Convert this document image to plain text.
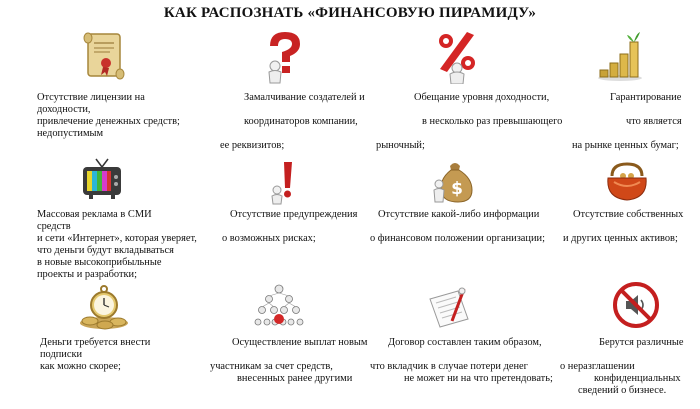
КАК РАСПОЗНАТЬ «ФИНАНСОВУЮ ПИРАМИДУ»
$
Отсутствие лицензии на
доходности,
привлечение денежных средств;
недопустимым
Замалчивание создателей и
координаторов компании,
ее реквизитов;
Обещание уровня доходности,
в несколько раз превышающего
рыночный;
Гарантирование
что является
на рынке ценных бумаг;
Массовая реклама в СМИ
средств
и сети «Интернет», которая уверяет,
что деньги будут вкладываться
в новые высокоприбыльные
проекты и разработки;
Отсутствие предупреждения
о возможных рисках;
Отсутствие какой-либо информации
о финансовом положении организации;
Отсутствие собственных
и других ценных активов;
Деньги требуется внести
подписки
как можно скорее;
Осуществление выплат новым
участникам за счет средств,
внесенных ранее другими
Договор составлен таким образом,
что вкладчик в случае потери денег
не может ни на что претендовать;
Берутся различные
о неразглашении
конфиденциальных
сведений о бизнесе.
